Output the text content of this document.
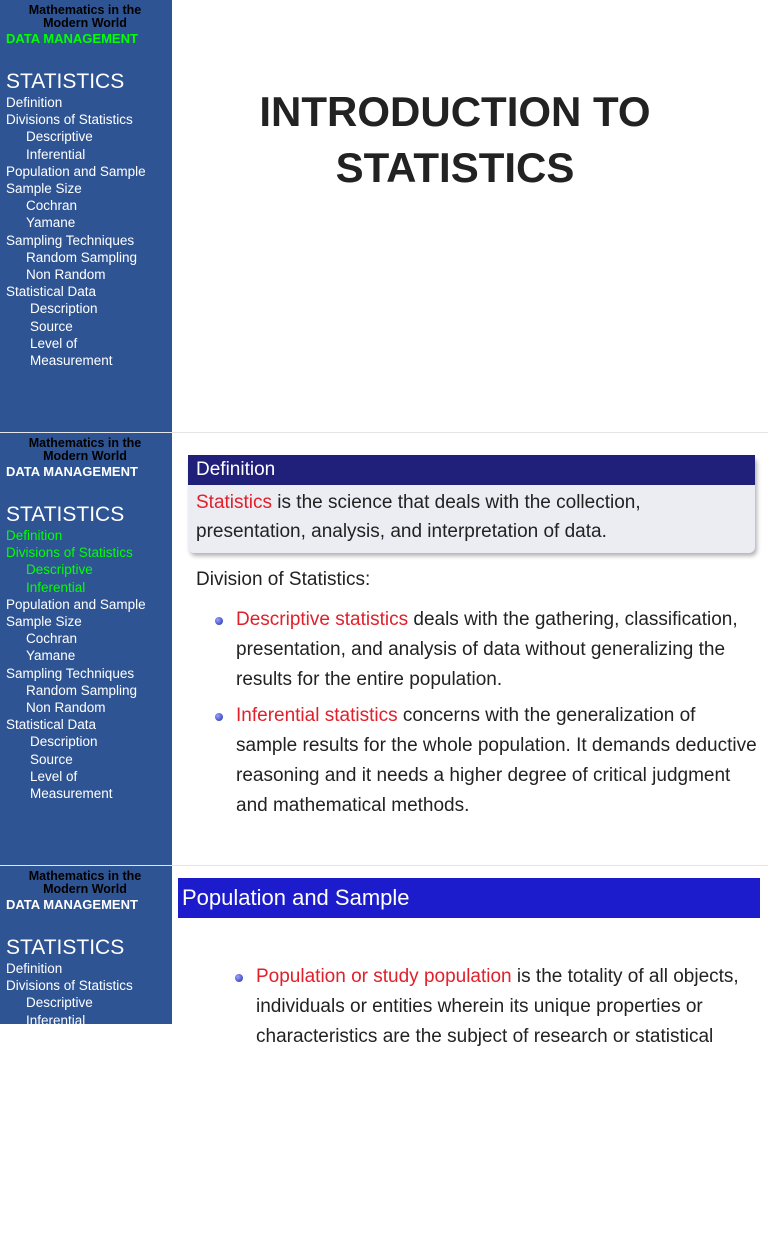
Mathematics in the Modern World
DATA MANAGEMENT
STATISTICS
Definition
Divisions of Statistics
Descriptive
Inferential
Population and Sample
Sample Size
Cochran
Yamane
Sampling Techniques
Random Sampling
Non Random
Statistical Data
Description
Source
Level of
Measurement
INTRODUCTION TO
STATISTICS
Mathematics in the Modern World
DATA MANAGEMENT
STATISTICS
Definition
Divisions of Statistics
Descriptive
Inferential
Population and Sample
Sample Size
Cochran
Yamane
Sampling Techniques
Random Sampling
Non Random
Statistical Data
Description
Source
Level of
Measurement
Definition
Statistics is the science that deals with the collection, presentation, analysis, and interpretation of data.
Division of Statistics:
Descriptive statistics deals with the gathering, classification, presentation, and analysis of data without generalizing the results for the entire population.
Inferential statistics concerns with the generalization of sample results for the whole population. It demands deductive reasoning and it needs a higher degree of critical judgment and mathematical methods.
Mathematics in the Modern World
DATA MANAGEMENT
STATISTICS
Definition
Divisions of Statistics
Descriptive
Inferential
Population and Sample
Sample Size
Cochran
Yamane
Sampling Techniques
Random Sampling
Non Random
Statistical Data
Description
Source
Level of
Measurement
Population and Sample
Population or study population is the totality of all objects, individuals or entities wherein its unique properties or characteristics are the subject of research or statistical
